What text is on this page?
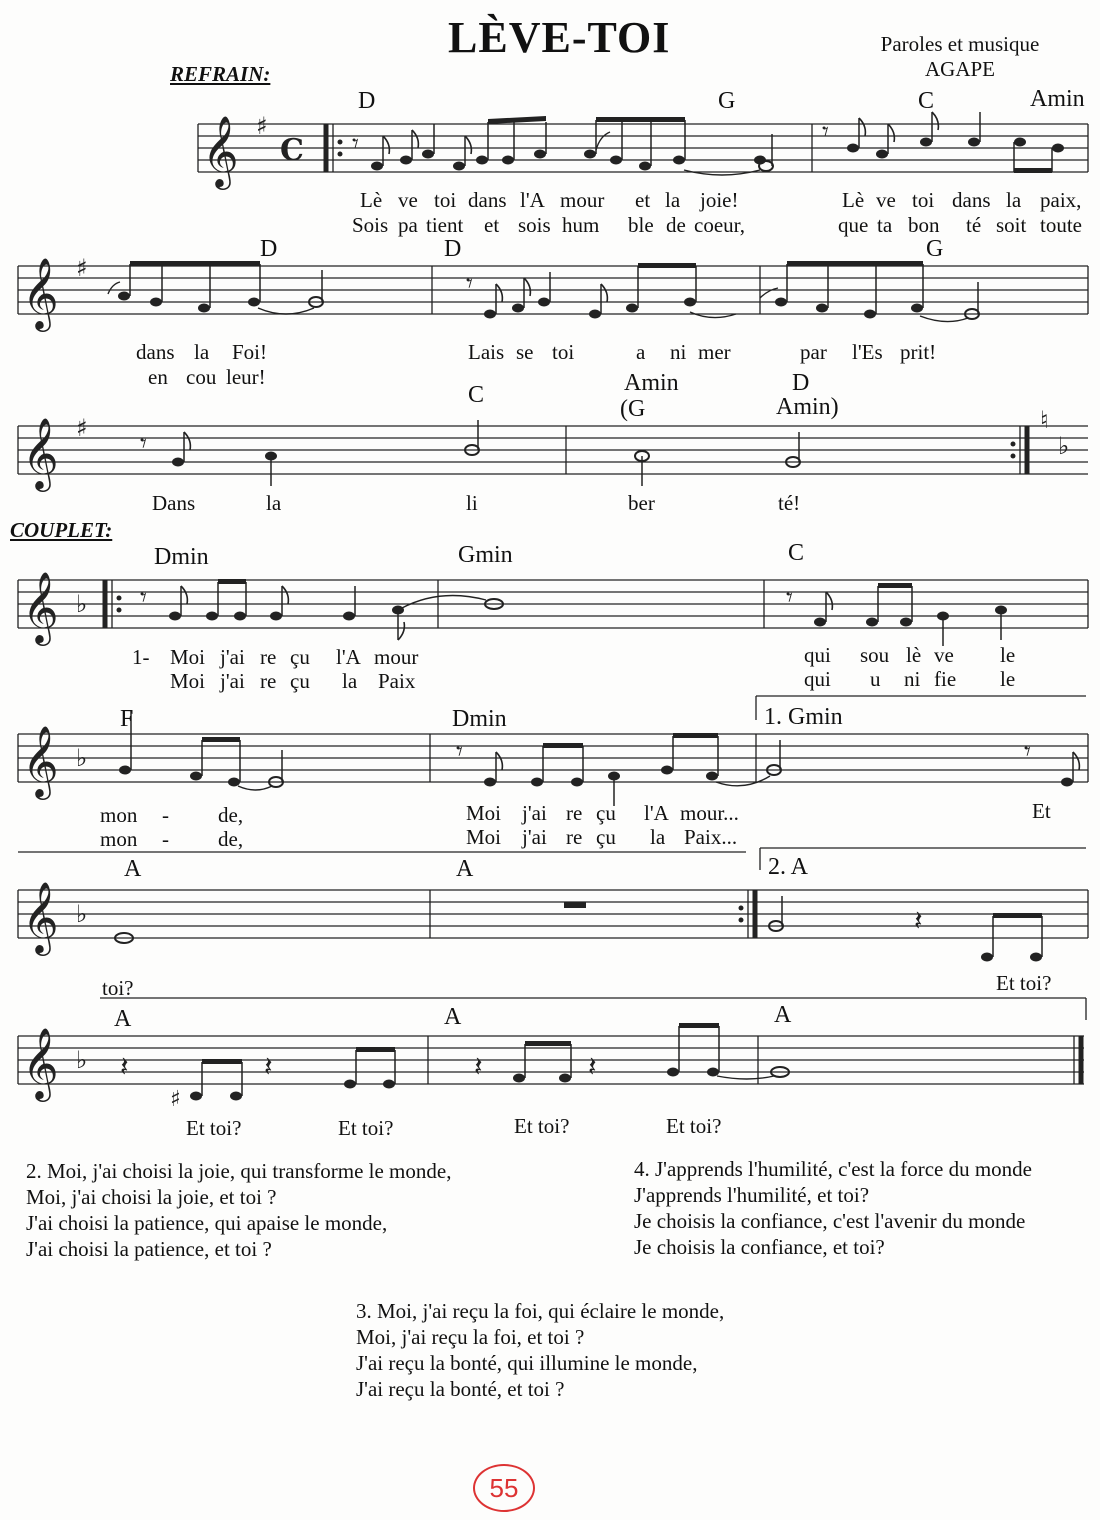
LÈVE-TOI	Paroles et musique
AGAPE
REFRAIN:
COUPLET:
𝄞
𝄞
𝄞
𝄞
𝄞
𝄞
𝄞
♯
♯
♯	♮
♭
♭
♭
♭
♭
C 𝄾	𝄾
𝄾
𝄾
𝄾	𝄾
𝄾	𝄾
𝄽
𝄽	𝄽	𝄽	𝄽
♯
D	G	C	Amin
Lè ve toi dans l'A mour et la joie!	Lè ve toi dans la paix,
Sois pa tient et sois hum ble de coeur,	que ta bon té soit toute
D	D	G
dans la Foi!	Lais se toi	a ni mer	par l'Es prit!
en cou leur!
C	Amin	D
(G	Amin)
Dans	la	li	ber	té!
Dmin	Gmin	C
1- Moi j'ai re çu l'A mour	qui sou lè ve le
Moi j'ai re çu la Paix	qui u ni fie le
F	Dmin	1. Gmin
mon - de,	Moi j'ai re çu l'A mour...	Et
mon - de,	Moi j'ai re çu la Paix...
A	A	2. A
toi?	Et toi?
A	A	A
Et toi?	Et toi?	Et toi?	Et toi?
2. Moi, j'ai choisi la joie, qui transforme le monde,
Moi, j'ai choisi la joie, et toi ?
J'ai choisi la patience, qui apaise le monde,
J'ai choisi la patience, et toi ?
4. J'apprends l'humilité, c'est la force du monde
J'apprends l'humilité, et toi?
Je choisis la confiance, c'est l'avenir du monde
Je choisis la confiance, et toi?
3. Moi, j'ai reçu la foi, qui éclaire le monde,
Moi, j'ai reçu la foi, et toi ?
J'ai reçu la bonté, qui illumine le monde,
J'ai reçu la bonté, et toi ?
55
